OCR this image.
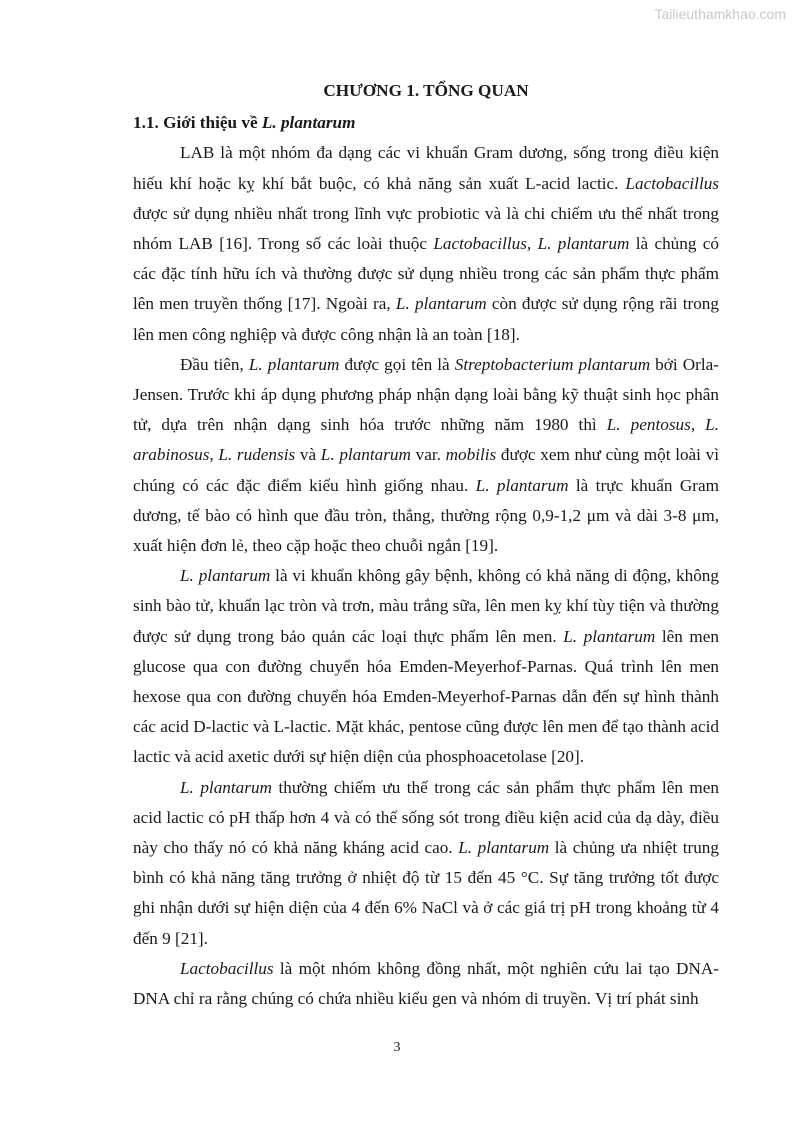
Tailieuthamkhao.com
CHƯƠNG 1. TỔNG QUAN
1.1. Giới thiệu về L. plantarum

LAB là một nhóm đa dạng các vi khuẩn Gram dương, sống trong điều kiện hiếu khí hoặc kỵ khí bắt buộc, có khả năng sản xuất L-acid lactic. Lactobacillus được sử dụng nhiều nhất trong lĩnh vực probiotic và là chi chiếm ưu thế nhất trong nhóm LAB [16]. Trong số các loài thuộc Lactobacillus, L. plantarum là chủng có các đặc tính hữu ích và thường được sử dụng nhiều trong các sản phẩm thực phẩm lên men truyền thống [17]. Ngoài ra, L. plantarum còn được sử dụng rộng rãi trong lên men công nghiệp và được công nhận là an toàn [18].

Đầu tiên, L. plantarum được gọi tên là Streptobacterium plantarum bởi Orla-Jensen. Trước khi áp dụng phương pháp nhận dạng loài bằng kỹ thuật sinh học phân tử, dựa trên nhận dạng sinh hóa trước những năm 1980 thì L. pentosus, L. arabinosus, L. rudensis và L. plantarum var. mobilis được xem như cùng một loài vì chúng có các đặc điểm kiểu hình giống nhau. L. plantarum là trực khuẩn Gram dương, tế bào có hình que đầu tròn, thẳng, thường rộng 0,9-1,2 μm và dài 3-8 μm, xuất hiện đơn lẻ, theo cặp hoặc theo chuỗi ngắn [19].

L. plantarum là vi khuẩn không gây bệnh, không có khả năng di động, không sinh bào tử, khuẩn lạc tròn và trơn, màu trắng sữa, lên men kỵ khí tùy tiện và thường được sử dụng trong bảo quản các loại thực phẩm lên men. L. plantarum lên men glucose qua con đường chuyển hóa Emden-Meyerhof-Parnas. Quá trình lên men hexose qua con đường chuyển hóa Emden-Meyerhof-Parnas dẫn đến sự hình thành các acid D-lactic và L-lactic. Mặt khác, pentose cũng được lên men để tạo thành acid lactic và acid axetic dưới sự hiện diện của phosphoacetolase [20].

L. plantarum thường chiếm ưu thế trong các sản phẩm thực phẩm lên men acid lactic có pH thấp hơn 4 và có thể sống sót trong điều kiện acid của dạ dày, điều này cho thấy nó có khả năng kháng acid cao. L. plantarum là chủng ưa nhiệt trung bình có khả năng tăng trưởng ở nhiệt độ từ 15 đến 45 °C. Sự tăng trưởng tốt được ghi nhận dưới sự hiện diện của 4 đến 6% NaCl và ở các giá trị pH trong khoảng từ 4 đến 9 [21].

Lactobacillus là một nhóm không đồng nhất, một nghiên cứu lai tạo DNA-DNA chỉ ra rằng chúng có chứa nhiều kiểu gen và nhóm di truyền. Vị trí phát sinh

3
